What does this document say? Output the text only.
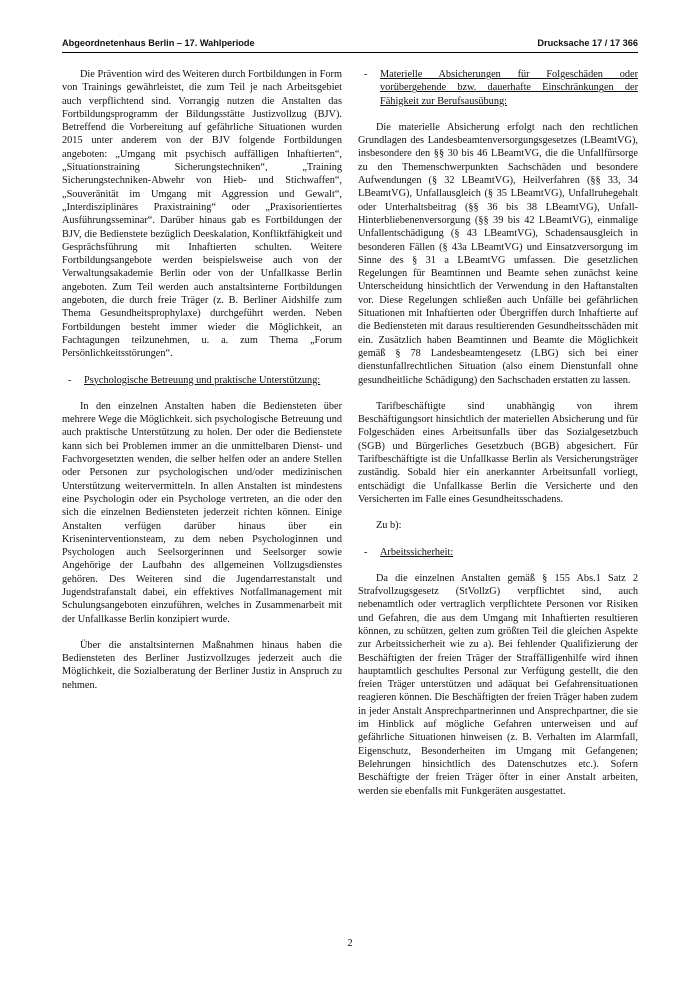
Abgeordnetenhaus Berlin – 17. Wahlperiode	Drucksache 17 / 17 366

Die Prävention wird des Weiteren durch Fortbildungen in Form von Trainings gewährleistet, die zum Teil je nach Arbeitsgebiet auch verpflichtend sind. Vorrangig nutzen die Anstalten das Fortbildungsprogramm der Bildungsstätte Justizvollzug (BJV). Betreffend die Vorbereitung auf gefährliche Situationen wurden 2015 unter anderem von der BJV folgende Fortbildungen angeboten: „Umgang mit psychisch auffälligen Inhaftierten“, „Situationstraining Sicherungstechniken“, „Training Sicherungstechniken-Abwehr von Hieb- und Stichwaffen“, „Souveränität im Umgang mit Aggression und Gewalt“, „Interdisziplinäres Praxistraining“ oder „Praxisorientiertes Ausführungsseminar“. Darüber hinaus gab es Fortbildungen der BJV, die Bedienstete bezüglich Deeskalation, Konfliktfähigkeit und Gesprächsführung mit Inhaftierten schulten. Weitere Fortbildungsangebote werden beispielsweise auch von der Verwaltungsakademie Berlin oder von der Unfallkasse Berlin angeboten. Zum Teil werden auch anstaltsinterne Fortbildungen angeboten, die durch freie Träger (z. B. Berliner Aidshilfe zum Thema Gesundheitsprophylaxe) durchgeführt werden. Neben Fortbildungen besteht immer wieder die Möglichkeit, an Fachtagungen teilzunehmen, u. a. zum Thema „Forum Persönlichkeitsstörungen“.

- Psychologische Betreuung und praktische Unterstützung:

In den einzelnen Anstalten haben die Bediensteten über mehrere Wege die Möglichkeit. sich psychologische Betreuung und auch praktische Unterstützung zu holen. Der oder die Bedienstete kann sich bei Problemen immer an die unmittelbaren Dienst- und Fachvorgesetzten wenden, die selber helfen oder an andere Stellen oder Personen zur psychologischen und/oder medizinischen Unterstützung weitervermitteln. In allen Anstalten ist mindestens eine Psychologin oder ein Psychologe vertreten, an die oder den sich die einzelnen Bediensteten jederzeit richten können. Einige Anstalten verfügen darüber hinaus über ein Kriseninterventionsteam, zu dem neben Psychologinnen und Psychologen auch Seelsorgerinnen und Seelsorger sowie Angehörige der Laufbahn des allgemeinen Vollzugsdienstes gehören. Des Weiteren sind die Jugendarrestanstalt und Jugendstrafanstalt dabei, ein effektives Notfallmanagement mit Schulungsangeboten einzuführen, welches in Zusammenarbeit mit der Unfallkasse Berlin konzipiert wurde.

Über die anstaltsinternen Maßnahmen hinaus haben die Bediensteten des Berliner Justizvollzuges jederzeit auch die Möglichkeit, die Sozialberatung der Berliner Justiz in Anspruch zu nehmen.

- Materielle Absicherungen für Folgeschäden oder vorübergehende bzw. dauerhafte Einschränkungen der Fähigkeit zur Berufsausübung:

Die materielle Absicherung erfolgt nach den rechtlichen Grundlagen des Landesbeamtenversorgungsgesetzes (LBeamtVG), insbesondere den §§ 30 bis 46 LBeamtVG, die die Unfallfürsorge zu den Themenschwerpunkten Sachschäden und besondere Aufwendungen (§ 32 LBeamtVG), Heilverfahren (§§ 33, 34 LBeamtVG), Unfallausgleich (§ 35 LBeamtVG), Unfallruhegehalt oder Unterhaltsbeitrag (§§ 36 bis 38 LBeamtVG), Unfall-Hinterbliebenenversorgung (§§ 39 bis 42 LBeamtVG), einmalige Unfallentschädigung (§ 43 LBeamtVG), Schadensausgleich in besonderen Fällen (§ 43a LBeamtVG) und Einsatzversorgung im Sinne des § 31 a LBeamtVG umfassen. Die gesetzlichen Regelungen für Beamtinnen und Beamte sehen zunächst keine Unterscheidung hinsichtlich der Verwendung in den Haftanstalten vor. Diese Regelungen schließen auch Unfälle bei gefährlichen Situationen mit Inhaftierten oder Übergriffen durch Inhaftierte auf die Bediensteten mit daraus resultierenden Gesundheitsschäden mit ein. Zusätzlich haben Beamtinnen und Beamte die Möglichkeit gemäß § 78 Landesbeamtengesetz (LBG) sich bei einer dienstunfallrechtlichen Situation (also einem Dienstunfall ohne gesundheitliche Schädigung) den Sachschaden erstatten zu lassen.

Tarifbeschäftigte sind unabhängig von ihrem Beschäftigungsort hinsichtlich der materiellen Absicherung und für Folgeschäden eines Arbeitsunfalls über das Sozialgesetzbuch (SGB) und Bürgerliches Gesetzbuch (BGB) abgesichert. Für Tarifbeschäftigte ist die Unfallkasse Berlin als Versicherungsträger zuständig. Sobald hier ein anerkannter Arbeitsunfall vorliegt, entschädigt die Unfallkasse Berlin die Versicherte und den Versicherten im Falle eines Gesundheitsschadens.

Zu b):
- Arbeitssicherheit:

Da die einzelnen Anstalten gemäß § 155 Abs.1 Satz 2 Strafvollzugsgesetz (StVollzG) verpflichtet sind, auch nebenamtlich oder vertraglich verpflichtete Personen vor Risiken und Gefahren, die aus dem Umgang mit Inhaftierten resultieren können, zu schützen, gelten zum größten Teil die gleichen Aspekte zur Arbeitssicherheit wie zu a). Bei fehlender Qualifizierung der Beschäftigten der freien Träger der Straffälligenhilfe wird ihnen hauptamtlich geschultes Personal zur Verfügung gestellt, die den freien Träger unterstützen und adäquat bei Gefahrensituationen reagieren können. Die Beschäftigten der freien Träger haben zudem in jeder Anstalt Ansprechpartnerinnen und Ansprechpartner, die sie im Hinblick auf mögliche Gefahren unterweisen und auf gefährliche Situationen hinweisen (z. B. Verhalten im Alarmfall, Eigenschutz, Besonderheiten im Umgang mit Gefangenen; Belehrungen hinsichtlich des Datenschutzes etc.). Sofern Beschäftigte der freien Träger öfter in einer Anstalt arbeiten, werden sie ebenfalls mit Funkgeräten ausgestattet.

2
